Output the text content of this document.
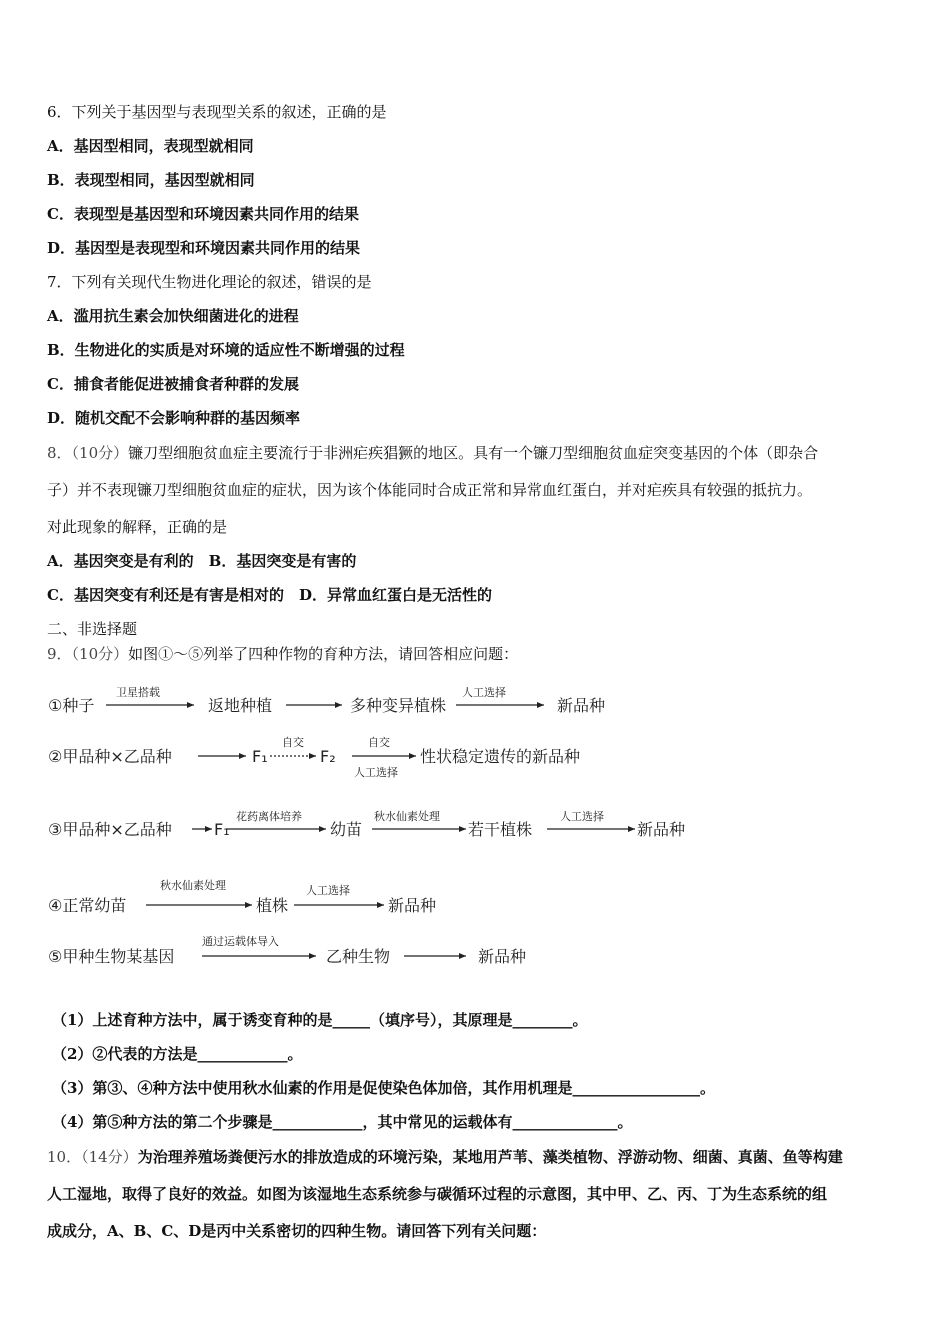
6．下列关于基因型与表现型关系的叙述，正确的是
A．基因型相同，表现型就相同
B．表现型相同，基因型就相同
C．表现型是基因型和环境因素共同作用的结果
D．基因型是表现型和环境因素共同作用的结果
7．下列有关现代生物进化理论的叙述，错误的是
A．滥用抗生素会加快细菌进化的进程
B．生物进化的实质是对环境的适应性不断增强的过程
C．捕食者能促进被捕食者种群的发展
D．随机交配不会影响种群的基因频率
8．（10分）镰刀型细胞贫血症主要流行于非洲疟疾猖獗的地区。具有一个镰刀型细胞贫血症突变基因的个体（即杂合
子）并不表现镰刀型细胞贫血症的症状，因为该个体能同时合成正常和异常血红蛋白，并对疟疾具有较强的抵抗力。
对此现象的解释，正确的是
A．基因突变是有利的　B．基因突变是有害的
C．基因突变有利还是有害是相对的　D．异常血红蛋白是无活性的
二、非选择题
9．（10分）如图①～⑤列举了四种作物的育种方法，请回答相应问题：
①种子
卫星搭载
返地种植	多种变异植株
人工选择
新品种
②甲品种×乙品种	F₁
自交
F₂
自交
人工选择
性状稳定遗传的新品种
③甲品种×乙品种	F₁
花药离体培养
幼苗
秋水仙素处理
若干植株
人工选择
新品种
④正常幼苗
秋水仙素处理
植株
人工选择
新品种
⑤甲种生物某基因
通过运载体导入
乙种生物	新品种
（1）上述育种方法中，属于诱变育种的是_____（填序号），其原理是________。
（2）②代表的方法是____________。
（3）第③、④种方法中使用秋水仙素的作用是促使染色体加倍，其作用机理是_________________。
（4）第⑤种方法的第二个步骤是____________，其中常见的运载体有______________。
10．（14分）为治理养殖场粪便污水的排放造成的环境污染，某地用芦苇、藻类植物、浮游动物、细菌、真菌、鱼等构建
人工湿地，取得了良好的效益。如图为该湿地生态系统参与碳循环过程的示意图，其中甲、乙、丙、丁为生态系统的组
成成分，A、B、C、D是丙中关系密切的四种生物。请回答下列有关问题：
